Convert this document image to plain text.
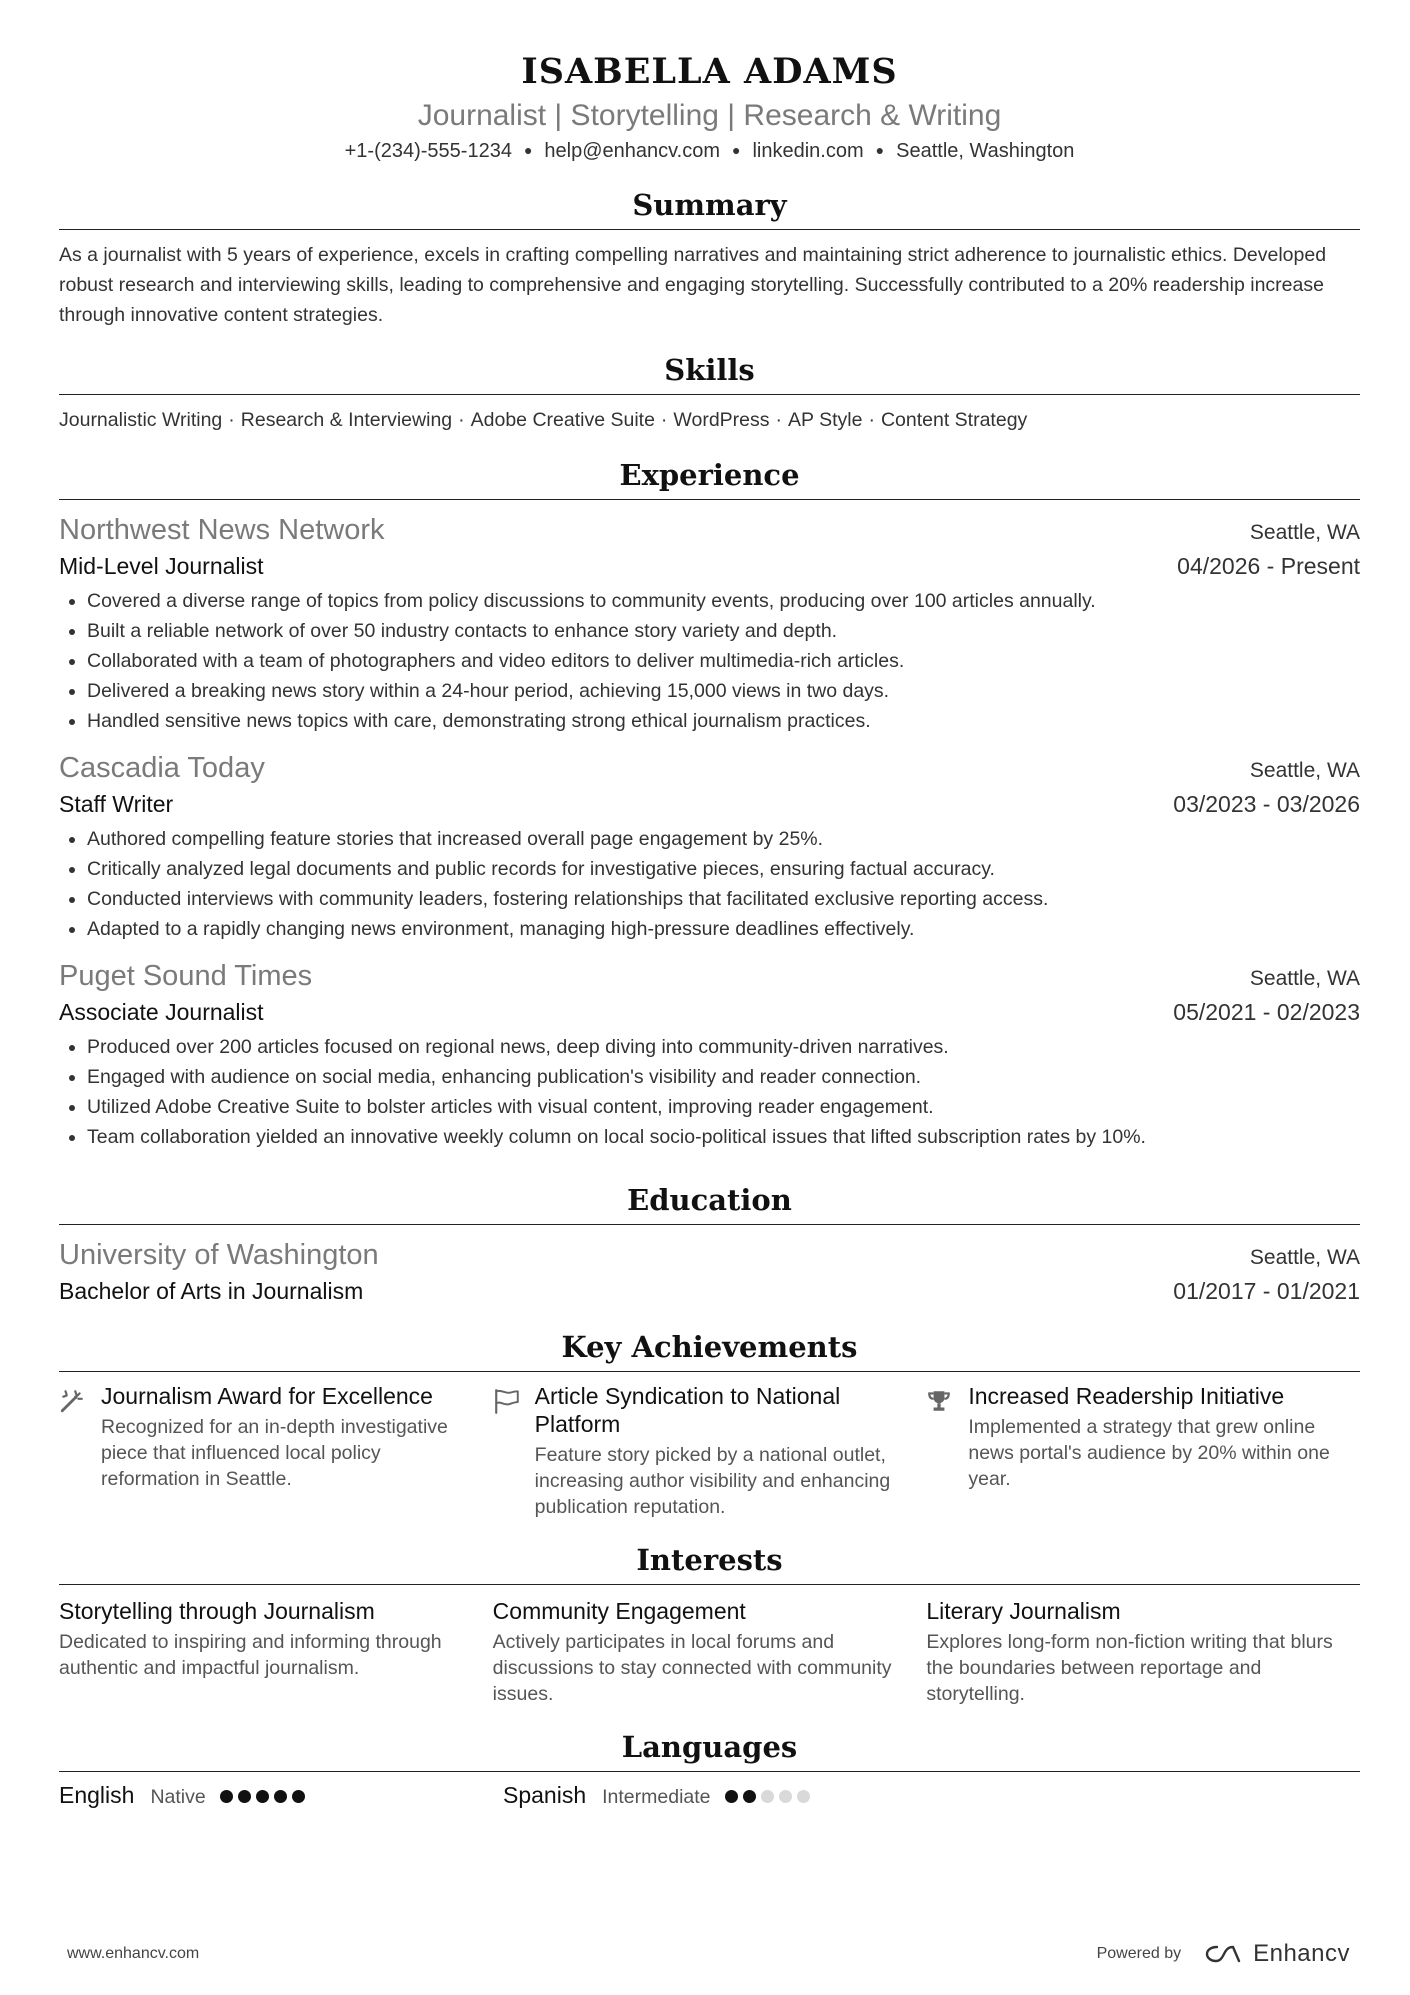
ISABELLA ADAMS
Journalist | Storytelling | Research & Writing
+1-(234)-555-1234 ● help@enhancv.com ● linkedin.com ● Seattle, Washington
Summary

As a journalist with 5 years of experience, excels in crafting compelling narratives and maintaining strict adherence to journalistic ethics. Developed robust research and interviewing skills, leading to comprehensive and engaging storytelling. Successfully contributed to a 20% readership increase through innovative content strategies.

Skills
Journalistic Writing · Research & Interviewing · Adobe Creative Suite · WordPress · AP Style · Content Strategy
Experience
Northwest News Network	Seattle, WA
Mid-Level Journalist	04/2026 - Present
• Covered a diverse range of topics from policy discussions to community events, producing over 100 articles annually.
• Built a reliable network of over 50 industry contacts to enhance story variety and depth.
• Collaborated with a team of photographers and video editors to deliver multimedia-rich articles.
• Delivered a breaking news story within a 24-hour period, achieving 15,000 views in two days.
• Handled sensitive news topics with care, demonstrating strong ethical journalism practices.
Cascadia Today	Seattle, WA
Staff Writer	03/2023 - 03/2026
• Authored compelling feature stories that increased overall page engagement by 25%.
• Critically analyzed legal documents and public records for investigative pieces, ensuring factual accuracy.
• Conducted interviews with community leaders, fostering relationships that facilitated exclusive reporting access.
• Adapted to a rapidly changing news environment, managing high-pressure deadlines effectively.
Puget Sound Times	Seattle, WA
Associate Journalist	05/2021 - 02/2023
• Produced over 200 articles focused on regional news, deep diving into community-driven narratives.
• Engaged with audience on social media, enhancing publication's visibility and reader connection.
• Utilized Adobe Creative Suite to bolster articles with visual content, improving reader engagement.
• Team collaboration yielded an innovative weekly column on local socio-political issues that lifted subscription rates by 10%.
Education
University of Washington	Seattle, WA
Bachelor of Arts in Journalism	01/2017 - 01/2021
Key Achievements
Journalism Award for Excellence
Recognized for an in-depth investigative piece that influenced local policy reformation in Seattle.
Article Syndication to National Platform
Feature story picked by a national outlet, increasing author visibility and enhancing publication reputation.
Increased Readership Initiative
Implemented a strategy that grew online news portal's audience by 20% within one year.
Interests
Storytelling through Journalism
Dedicated to inspiring and informing through authentic and impactful journalism.
Community Engagement
Actively participates in local forums and discussions to stay connected with community issues.
Literary Journalism
Explores long-form non-fiction writing that blurs the boundaries between reportage and storytelling.
Languages
English Native	Spanish Intermediate
www.enhancv.com	Powered by	Enhancv
